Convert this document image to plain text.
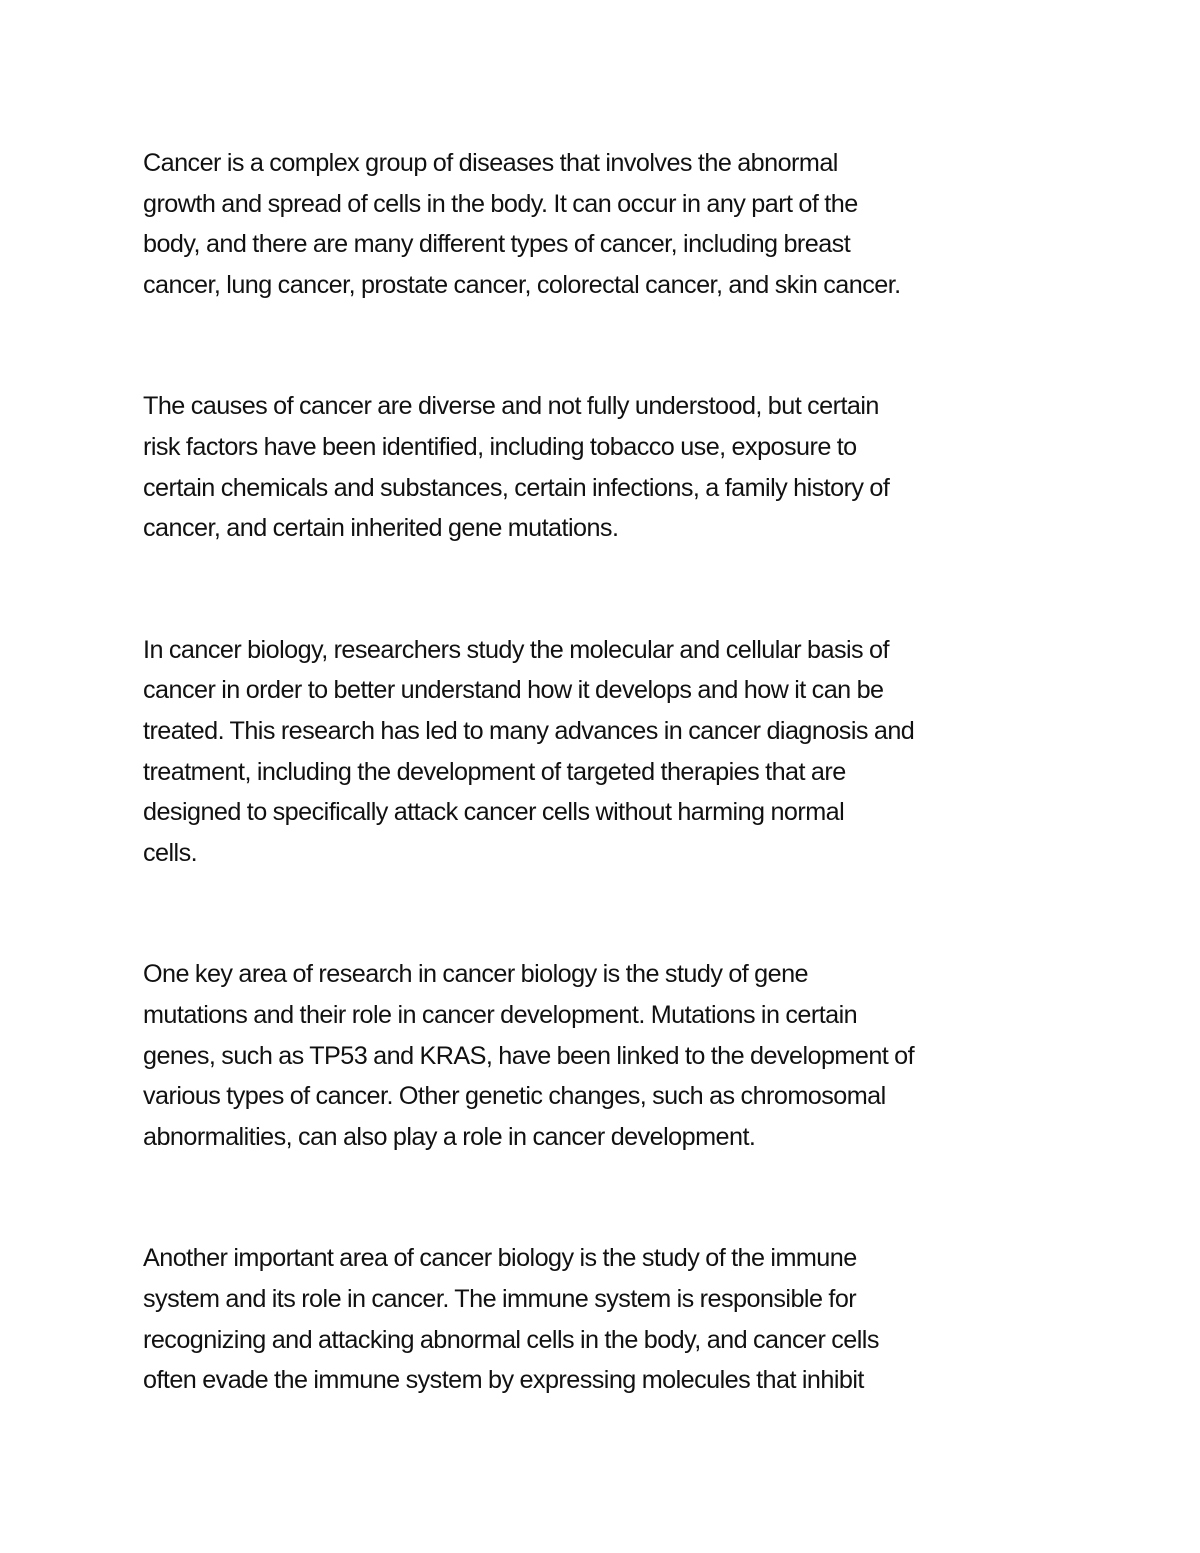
Cancer is a complex group of diseases that involves the abnormal
growth and spread of cells in the body. It can occur in any part of the
body, and there are many different types of cancer, including breast
cancer, lung cancer, prostate cancer, colorectal cancer, and skin cancer.
The causes of cancer are diverse and not fully understood, but certain
risk factors have been identified, including tobacco use, exposure to
certain chemicals and substances, certain infections, a family history of
cancer, and certain inherited gene mutations.
In cancer biology, researchers study the molecular and cellular basis of
cancer in order to better understand how it develops and how it can be
treated. This research has led to many advances in cancer diagnosis and
treatment, including the development of targeted therapies that are
designed to specifically attack cancer cells without harming normal
cells.
One key area of research in cancer biology is the study of gene
mutations and their role in cancer development. Mutations in certain
genes, such as TP53 and KRAS, have been linked to the development of
various types of cancer. Other genetic changes, such as chromosomal
abnormalities, can also play a role in cancer development.
Another important area of cancer biology is the study of the immune
system and its role in cancer. The immune system is responsible for
recognizing and attacking abnormal cells in the body, and cancer cells
often evade the immune system by expressing molecules that inhibit
